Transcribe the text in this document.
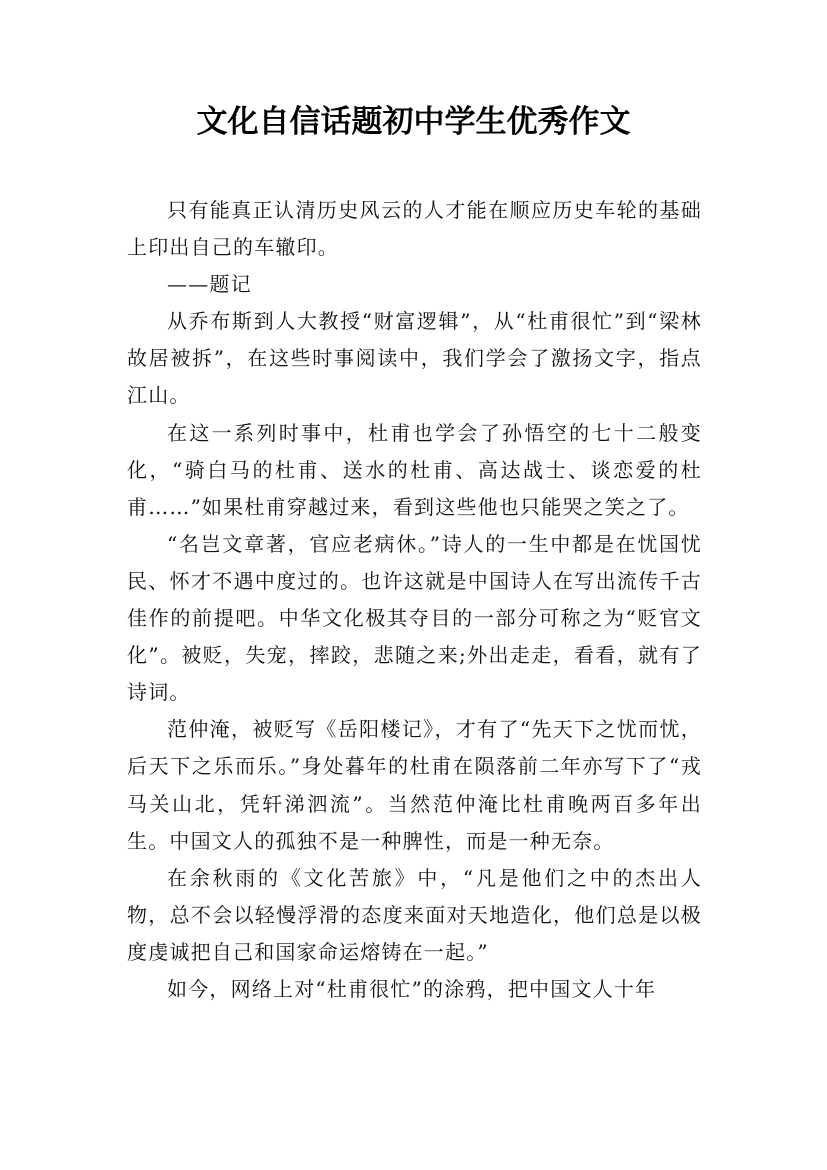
文化自信话题初中学生优秀作文

只有能真正认清历史风云的人才能在顺应历史车轮的基础上印出自己的车辙印。

——题记

从乔布斯到人大教授“财富逻辑”，从“杜甫很忙”到“梁林故居被拆”，在这些时事阅读中，我们学会了激扬文字，指点江山。

在这一系列时事中，杜甫也学会了孙悟空的七十二般变化，“骑白马的杜甫、送水的杜甫、高达战士、谈恋爱的杜甫……”如果杜甫穿越过来，看到这些他也只能哭之笑之了。

“名岂文章著，官应老病休。”诗人的一生中都是在忧国忧民、怀才不遇中度过的。也许这就是中国诗人在写出流传千古佳作的前提吧。中华文化极其夺目的一部分可称之为“贬官文化”。被贬，失宠，摔跤，悲随之来;外出走走，看看，就有了诗词。

范仲淹，被贬写《岳阳楼记》，才有了“先天下之忧而忧，后天下之乐而乐。”身处暮年的杜甫在陨落前二年亦写下了“戎马关山北，凭轩涕泗流”。当然范仲淹比杜甫晚两百多年出生。中国文人的孤独不是一种脾性，而是一种无奈。

在余秋雨的《文化苦旅》中，“凡是他们之中的杰出人物，总不会以轻慢浮滑的态度来面对天地造化，他们总是以极度虔诚把自己和国家命运熔铸在一起。”

如今，网络上对“杜甫很忙”的涂鸦，把中国文人十年
